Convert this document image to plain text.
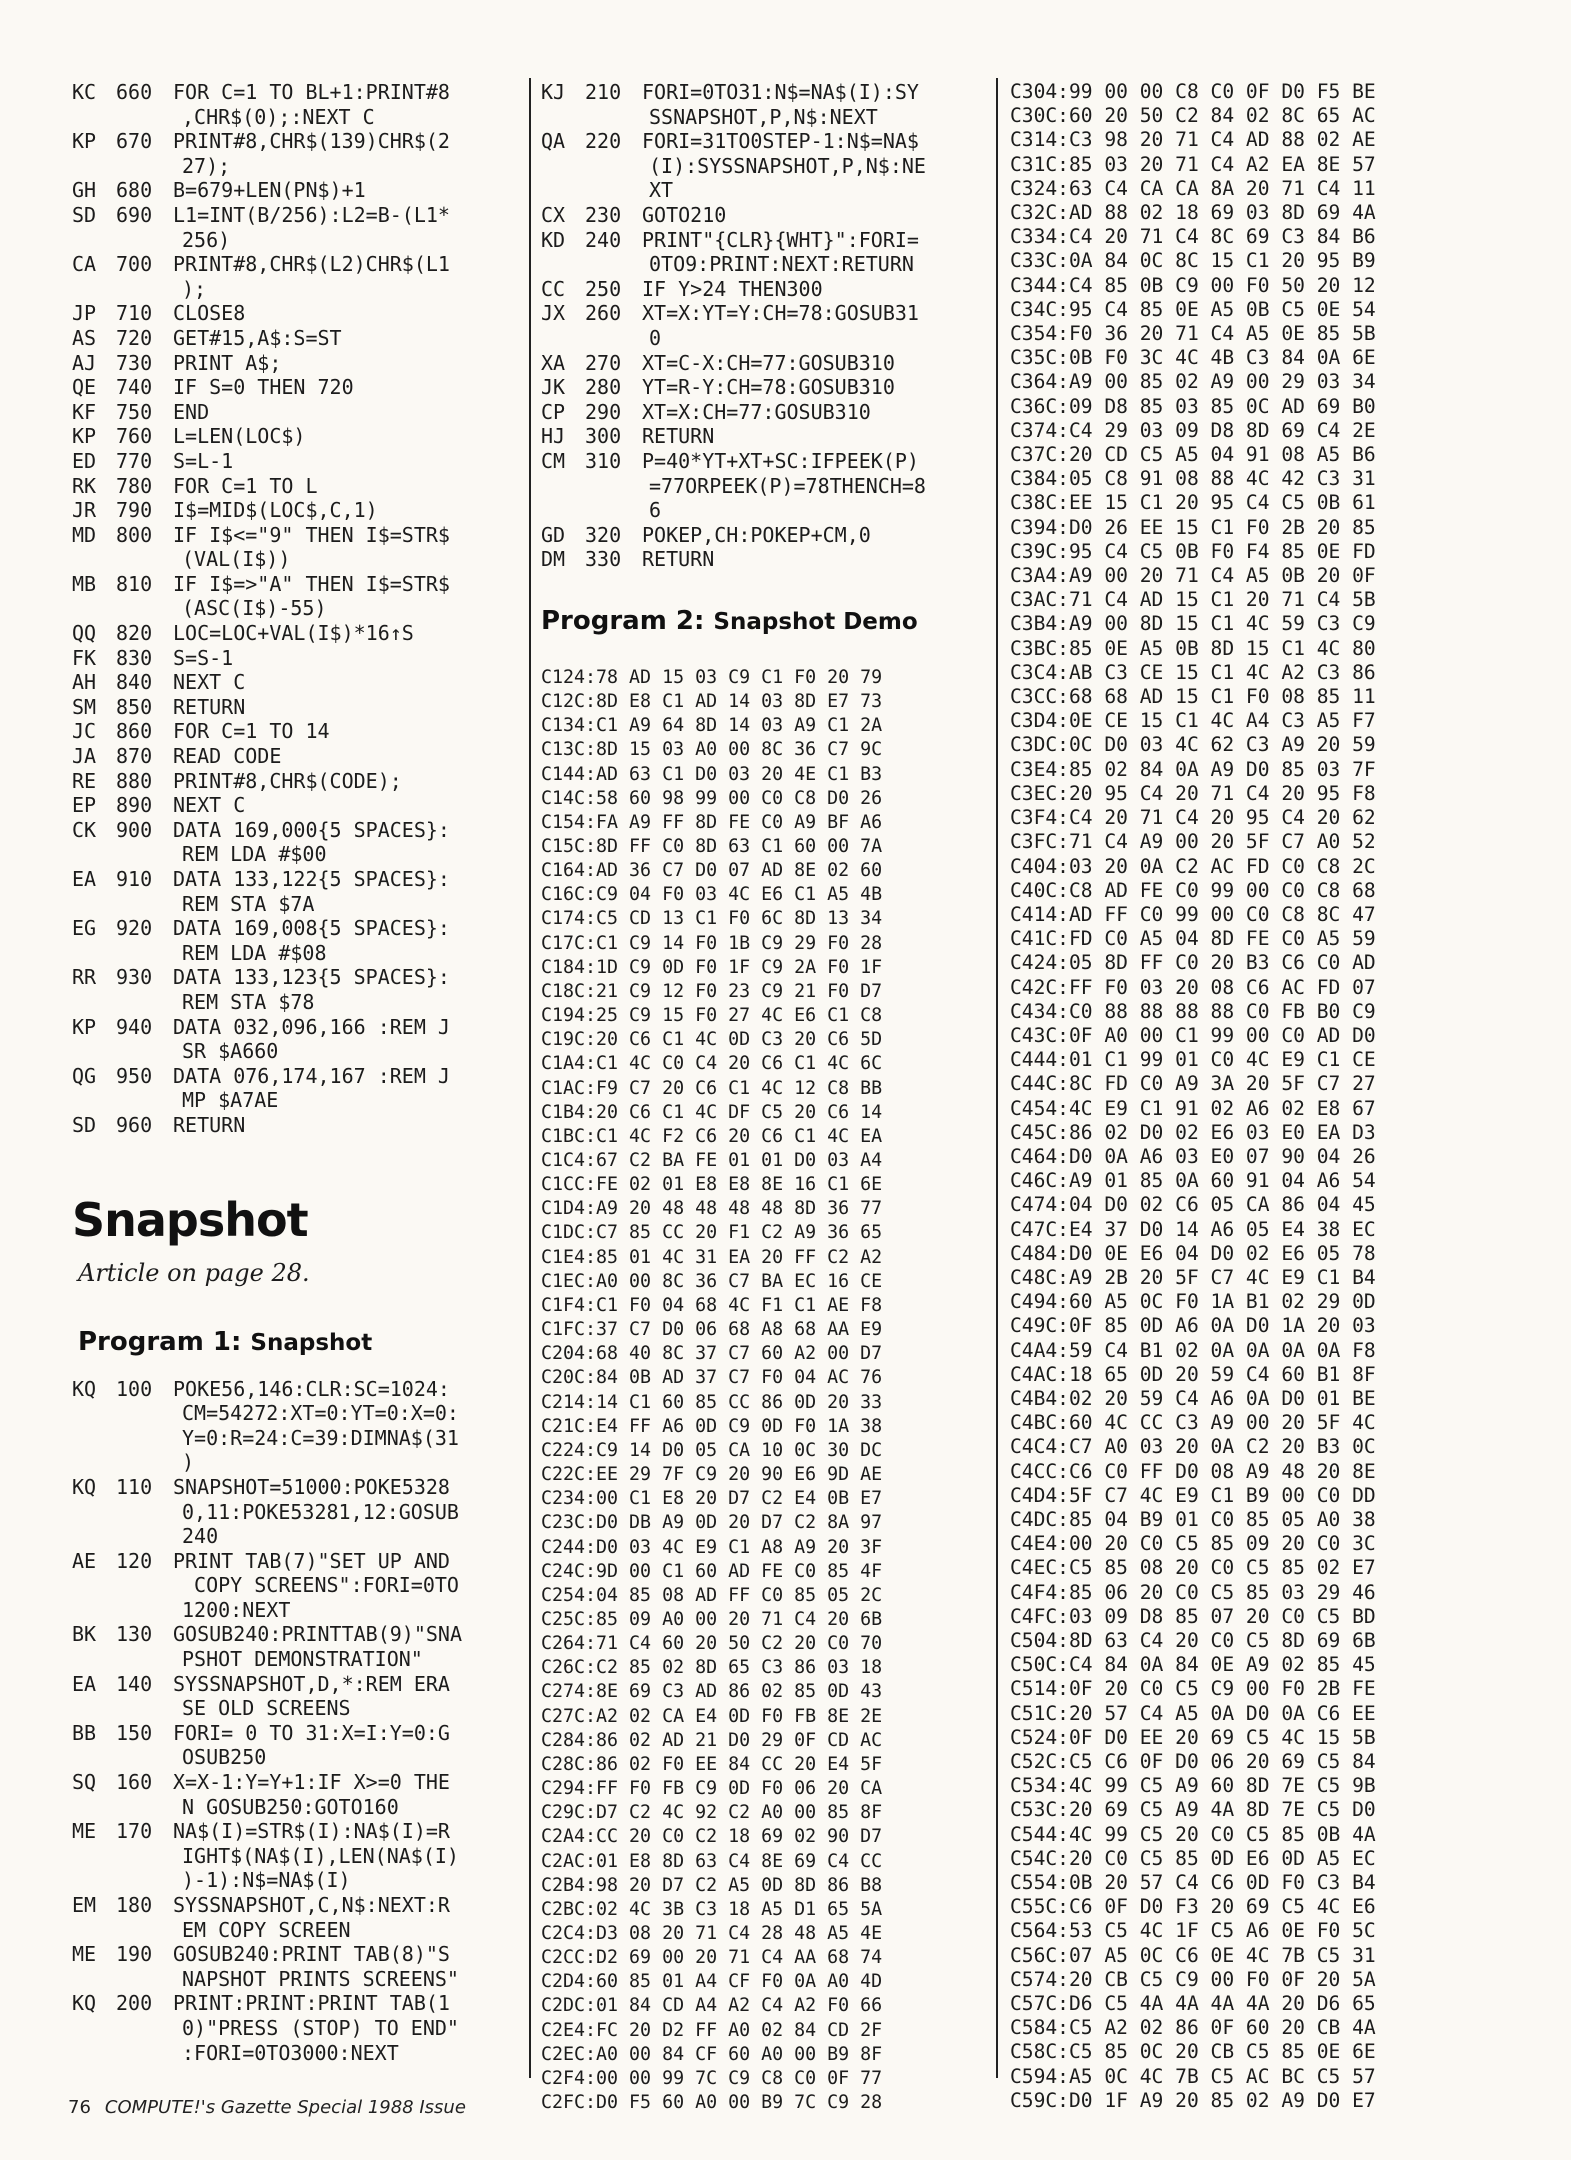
KC 660	FOR C=1 TO BL+1:PRINT#8
,CHR$(0);:NEXT C
KP 670	PRINT#8,CHR$(139)CHR$(2
27);
GH 680	B=679+LEN(PN$)+1
SD 690	L1=INT(B/256):L2=B-(L1*
256)
CA 700	PRINT#8,CHR$(L2)CHR$(L1
);
JP 710	CLOSE8
AS 720	GET#15,A$:S=ST
AJ 730	PRINT A$;
QE 740	IF S=0 THEN 720
KF 750	END
KP 760	L=LEN(LOC$)
ED 770	S=L-1
RK 780	FOR C=1 TO L
JR 790	I$=MID$(LOC$,C,1)
MD 800	IF I$<="9" THEN I$=STR$
(VAL(I$))
MB 810	IF I$=>"A" THEN I$=STR$
(ASC(I$)-55)
QQ 820	LOC=LOC+VAL(I$)*16↑S
FK 830	S=S-1
AH 840	NEXT C
SM 850	RETURN
JC 860	FOR C=1 TO 14
JA 870	READ CODE
RE 880	PRINT#8,CHR$(CODE);
EP 890	NEXT C
CK 900	DATA 169,000{5 SPACES}:
REM LDA #$00
EA 910	DATA 133,122{5 SPACES}:
REM STA $7A
EG 920	DATA 169,008{5 SPACES}:
REM LDA #$08
RR 930	DATA 133,123{5 SPACES}:
REM STA $78
KP 940	DATA 032,096,166 :REM J
SR $A660
QG 950	DATA 076,174,167 :REM J
MP $A7AE
SD 960	RETURN
Snapshot
Article on page 28.
Program 1: Snapshot
KQ 100	POKE56,146:CLR:SC=1024:
CM=54272:XT=0:YT=0:X=0:
Y=0:R=24:C=39:DIMNA$(31
)
KQ 110	SNAPSHOT=51000:POKE5328
0,11:POKE53281,12:GOSUB
240
AE 120	PRINT TAB(7)"SET UP AND
COPY SCREENS":FORI=0TO
1200:NEXT
BK 130	GOSUB240:PRINTTAB(9)"SNA
PSHOT DEMONSTRATION"
EA 140	SYSSNAPSHOT,D,*:REM ERA
SE OLD SCREENS
BB 150	FORI= 0 TO 31:X=I:Y=0:G
OSUB250
SQ 160	X=X-1:Y=Y+1:IF X>=0 THE
N GOSUB250:GOTO160
ME 170	NA$(I)=STR$(I):NA$(I)=R
IGHT$(NA$(I),LEN(NA$(I)
)-1):N$=NA$(I)
EM 180	SYSSNAPSHOT,C,N$:NEXT:R
EM COPY SCREEN
ME 190	GOSUB240:PRINT TAB(8)"S
NAPSHOT PRINTS SCREENS"
KQ 200	PRINT:PRINT:PRINT TAB(1
0)"PRESS (STOP) TO END"
:FORI=0TO3000:NEXT
KJ 210	FORI=0TO31:N$=NA$(I):SY
SSNAPSHOT,P,N$:NEXT
QA 220	FORI=31TO0STEP-1:N$=NA$
(I):SYSSNAPSHOT,P,N$:NE
XT
CX 230	GOTO210
KD 240	PRINT"{CLR}{WHT}":FORI=
0TO9:PRINT:NEXT:RETURN
CC 250	IF Y>24 THEN300
JX 260	XT=X:YT=Y:CH=78:GOSUB31
0
XA 270	XT=C-X:CH=77:GOSUB310
JK 280	YT=R-Y:CH=78:GOSUB310
CP 290	XT=X:CH=77:GOSUB310
HJ 300	RETURN
CM 310	P=40*YT+XT+SC:IFPEEK(P)
=77ORPEEK(P)=78THENCH=8
6
GD 320	POKEP,CH:POKEP+CM,0
DM 330	RETURN
Program 2: Snapshot Demo
C124:78 AD 15 03 C9 C1 F0 20 79
C12C:8D E8 C1 AD 14 03 8D E7 73
C134:C1 A9 64 8D 14 03 A9 C1 2A
C13C:8D 15 03 A0 00 8C 36 C7 9C
C144:AD 63 C1 D0 03 20 4E C1 B3
C14C:58 60 98 99 00 C0 C8 D0 26
C154:FA A9 FF 8D FE C0 A9 BF A6
C15C:8D FF C0 8D 63 C1 60 00 7A
C164:AD 36 C7 D0 07 AD 8E 02 60
C16C:C9 04 F0 03 4C E6 C1 A5 4B
C174:C5 CD 13 C1 F0 6C 8D 13 34
C17C:C1 C9 14 F0 1B C9 29 F0 28
C184:1D C9 0D F0 1F C9 2A F0 1F
C18C:21 C9 12 F0 23 C9 21 F0 D7
C194:25 C9 15 F0 27 4C E6 C1 C8
C19C:20 C6 C1 4C 0D C3 20 C6 5D
C1A4:C1 4C C0 C4 20 C6 C1 4C 6C
C1AC:F9 C7 20 C6 C1 4C 12 C8 BB
C1B4:20 C6 C1 4C DF C5 20 C6 14
C1BC:C1 4C F2 C6 20 C6 C1 4C EA
C1C4:67 C2 BA FE 01 01 D0 03 A4
C1CC:FE 02 01 E8 E8 8E 16 C1 6E
C1D4:A9 20 48 48 48 48 8D 36 77
C1DC:C7 85 CC 20 F1 C2 A9 36 65
C1E4:85 01 4C 31 EA 20 FF C2 A2
C1EC:A0 00 8C 36 C7 BA EC 16 CE
C1F4:C1 F0 04 68 4C F1 C1 AE F8
C1FC:37 C7 D0 06 68 A8 68 AA E9
C204:68 40 8C 37 C7 60 A2 00 D7
C20C:84 0B AD 37 C7 F0 04 AC 76
C214:14 C1 60 85 CC 86 0D 20 33
C21C:E4 FF A6 0D C9 0D F0 1A 38
C224:C9 14 D0 05 CA 10 0C 30 DC
C22C:EE 29 7F C9 20 90 E6 9D AE
C234:00 C1 E8 20 D7 C2 E4 0B E7
C23C:D0 DB A9 0D 20 D7 C2 8A 97
C244:D0 03 4C E9 C1 A8 A9 20 3F
C24C:9D 00 C1 60 AD FE C0 85 4F
C254:04 85 08 AD FF C0 85 05 2C
C25C:85 09 A0 00 20 71 C4 20 6B
C264:71 C4 60 20 50 C2 20 C0 70
C26C:C2 85 02 8D 65 C3 86 03 18
C274:8E 69 C3 AD 86 02 85 0D 43
C27C:A2 02 CA E4 0D F0 FB 8E 2E
C284:86 02 AD 21 D0 29 0F CD AC
C28C:86 02 F0 EE 84 CC 20 E4 5F
C294:FF F0 FB C9 0D F0 06 20 CA
C29C:D7 C2 4C 92 C2 A0 00 85 8F
C2A4:CC 20 C0 C2 18 69 02 90 D7
C2AC:01 E8 8D 63 C4 8E 69 C4 CC
C2B4:98 20 D7 C2 A5 0D 8D 86 B8
C2BC:02 4C 3B C3 18 A5 D1 65 5A
C2C4:D3 08 20 71 C4 28 48 A5 4E
C2CC:D2 69 00 20 71 C4 AA 68 74
C2D4:60 85 01 A4 CF F0 0A A0 4D
C2DC:01 84 CD A4 A2 C4 A2 F0 66
C2E4:FC 20 D2 FF A0 02 84 CD 2F
C2EC:A0 00 84 CF 60 A0 00 B9 8F
C2F4:00 00 99 7C C9 C8 C0 0F 77
C2FC:D0 F5 60 A0 00 B9 7C C9 28
C304:99 00 00 C8 C0 0F D0 F5 BE
C30C:60 20 50 C2 84 02 8C 65 AC
C314:C3 98 20 71 C4 AD 88 02 AE
C31C:85 03 20 71 C4 A2 EA 8E 57
C324:63 C4 CA CA 8A 20 71 C4 11
C32C:AD 88 02 18 69 03 8D 69 4A
C334:C4 20 71 C4 8C 69 C3 84 B6
C33C:0A 84 0C 8C 15 C1 20 95 B9
C344:C4 85 0B C9 00 F0 50 20 12
C34C:95 C4 85 0E A5 0B C5 0E 54
C354:F0 36 20 71 C4 A5 0E 85 5B
C35C:0B F0 3C 4C 4B C3 84 0A 6E
C364:A9 00 85 02 A9 00 29 03 34
C36C:09 D8 85 03 85 0C AD 69 B0
C374:C4 29 03 09 D8 8D 69 C4 2E
C37C:20 CD C5 A5 04 91 08 A5 B6
C384:05 C8 91 08 88 4C 42 C3 31
C38C:EE 15 C1 20 95 C4 C5 0B 61
C394:D0 26 EE 15 C1 F0 2B 20 85
C39C:95 C4 C5 0B F0 F4 85 0E FD
C3A4:A9 00 20 71 C4 A5 0B 20 0F
C3AC:71 C4 AD 15 C1 20 71 C4 5B
C3B4:A9 00 8D 15 C1 4C 59 C3 C9
C3BC:85 0E A5 0B 8D 15 C1 4C 80
C3C4:AB C3 CE 15 C1 4C A2 C3 86
C3CC:68 68 AD 15 C1 F0 08 85 11
C3D4:0E CE 15 C1 4C A4 C3 A5 F7
C3DC:0C D0 03 4C 62 C3 A9 20 59
C3E4:85 02 84 0A A9 D0 85 03 7F
C3EC:20 95 C4 20 71 C4 20 95 F8
C3F4:C4 20 71 C4 20 95 C4 20 62
C3FC:71 C4 A9 00 20 5F C7 A0 52
C404:03 20 0A C2 AC FD C0 C8 2C
C40C:C8 AD FE C0 99 00 C0 C8 68
C414:AD FF C0 99 00 C0 C8 8C 47
C41C:FD C0 A5 04 8D FE C0 A5 59
C424:05 8D FF C0 20 B3 C6 C0 AD
C42C:FF F0 03 20 08 C6 AC FD 07
C434:C0 88 88 88 88 C0 FB B0 C9
C43C:0F A0 00 C1 99 00 C0 AD D0
C444:01 C1 99 01 C0 4C E9 C1 CE
C44C:8C FD C0 A9 3A 20 5F C7 27
C454:4C E9 C1 91 02 A6 02 E8 67
C45C:86 02 D0 02 E6 03 E0 EA D3
C464:D0 0A A6 03 E0 07 90 04 26
C46C:A9 01 85 0A 60 91 04 A6 54
C474:04 D0 02 C6 05 CA 86 04 45
C47C:E4 37 D0 14 A6 05 E4 38 EC
C484:D0 0E E6 04 D0 02 E6 05 78
C48C:A9 2B 20 5F C7 4C E9 C1 B4
C494:60 A5 0C F0 1A B1 02 29 0D
C49C:0F 85 0D A6 0A D0 1A 20 03
C4A4:59 C4 B1 02 0A 0A 0A 0A F8
C4AC:18 65 0D 20 59 C4 60 B1 8F
C4B4:02 20 59 C4 A6 0A D0 01 BE
C4BC:60 4C CC C3 A9 00 20 5F 4C
C4C4:C7 A0 03 20 0A C2 20 B3 0C
C4CC:C6 C0 FF D0 08 A9 48 20 8E
C4D4:5F C7 4C E9 C1 B9 00 C0 DD
C4DC:85 04 B9 01 C0 85 05 A0 38
C4E4:00 20 C0 C5 85 09 20 C0 3C
C4EC:C5 85 08 20 C0 C5 85 02 E7
C4F4:85 06 20 C0 C5 85 03 29 46
C4FC:03 09 D8 85 07 20 C0 C5 BD
C504:8D 63 C4 20 C0 C5 8D 69 6B
C50C:C4 84 0A 84 0E A9 02 85 45
C514:0F 20 C0 C5 C9 00 F0 2B FE
C51C:20 57 C4 A5 0A D0 0A C6 EE
C524:0F D0 EE 20 69 C5 4C 15 5B
C52C:C5 C6 0F D0 06 20 69 C5 84
C534:4C 99 C5 A9 60 8D 7E C5 9B
C53C:20 69 C5 A9 4A 8D 7E C5 D0
C544:4C 99 C5 20 C0 C5 85 0B 4A
C54C:20 C0 C5 85 0D E6 0D A5 EC
C554:0B 20 57 C4 C6 0D F0 C3 B4
C55C:C6 0F D0 F3 20 69 C5 4C E6
C564:53 C5 4C 1F C5 A6 0E F0 5C
C56C:07 A5 0C C6 0E 4C 7B C5 31
C574:20 CB C5 C9 00 F0 0F 20 5A
C57C:D6 C5 4A 4A 4A 4A 20 D6 65
C584:C5 A2 02 86 0F 60 20 CB 4A
C58C:C5 85 0C 20 CB C5 85 0E 6E
C594:A5 0C 4C 7B C5 AC BC C5 57
C59C:D0 1F A9 20 85 02 A9 D0 E7
76 COMPUTE!'s Gazette Special 1988 Issue
